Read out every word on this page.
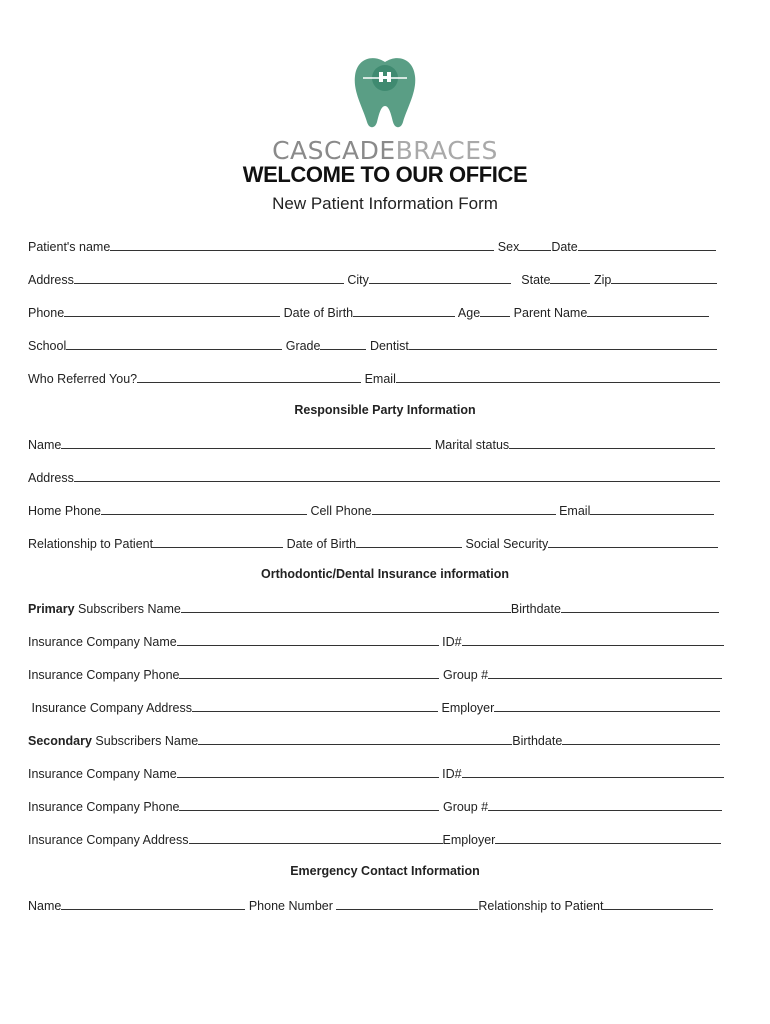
CASCADEBRACES
WELCOME TO OUR OFFICE
New Patient Information Form
Patient's name	Sex	Date
Address	City	State	Zip
Phone	Date of Birth	Age	Parent Name
School	Grade	Dentist
Who Referred You?	Email
Responsible Party Information
Name	Marital status
Address
Home Phone	Cell Phone	Email
Relationship to Patient	Date of Birth	Social Security
Orthodontic/Dental Insurance information
Primary Subscribers Name	Birthdate
Insurance Company Name	ID#
Insurance Company Phone	Group #
Insurance Company Address	Employer
Secondary Subscribers Name	Birthdate
Insurance Company Name	ID#
Insurance Company Phone	Group #
Insurance Company Address	Employer
Emergency Contact Information
Name	Phone Number	Relationship to Patient
